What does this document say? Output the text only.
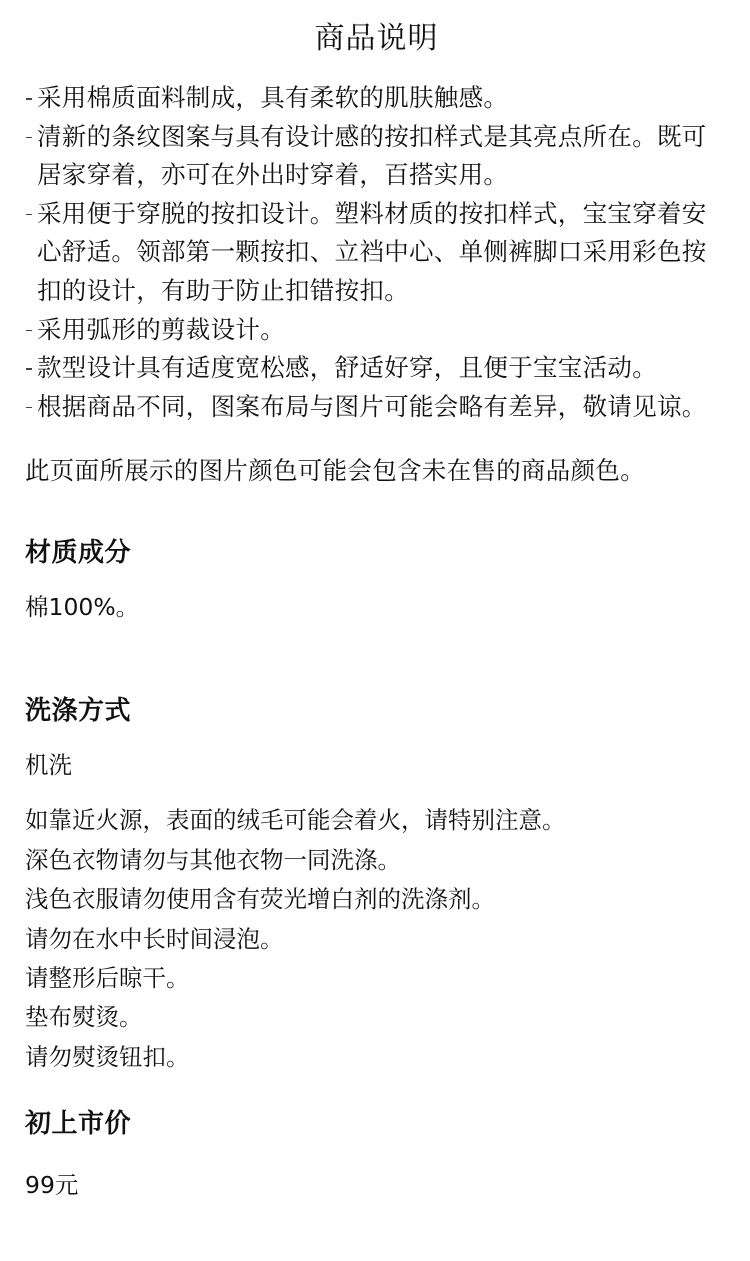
商品说明
采用棉质面料制成，具有柔软的肌肤触感。
清新的条纹图案与具有设计感的按扣样式是其亮点所在。既可居家穿着，亦可在外出时穿着，百搭实用。
采用便于穿脱的按扣设计。塑料材质的按扣样式，宝宝穿着安心舒适。领部第一颗按扣、立裆中心、单侧裤脚口采用彩色按扣的设计，有助于防止扣错按扣。
采用弧形的剪裁设计。
款型设计具有适度宽松感，舒适好穿，且便于宝宝活动。
根据商品不同，图案布局与图片可能会略有差异，敬请见谅。

此页面所展示的图片颜色可能会包含未在售的商品颜色。

材质成分

棉100%。

洗涤方式

机洗

如靠近火源，表面的绒毛可能会着火，请特别注意。

深色衣物请勿与其他衣物一同洗涤。

浅色衣服请勿使用含有荧光增白剂的洗涤剂。

请勿在水中长时间浸泡。

请整形后晾干。

垫布熨烫。

请勿熨烫钮扣。

初上市价

99元
